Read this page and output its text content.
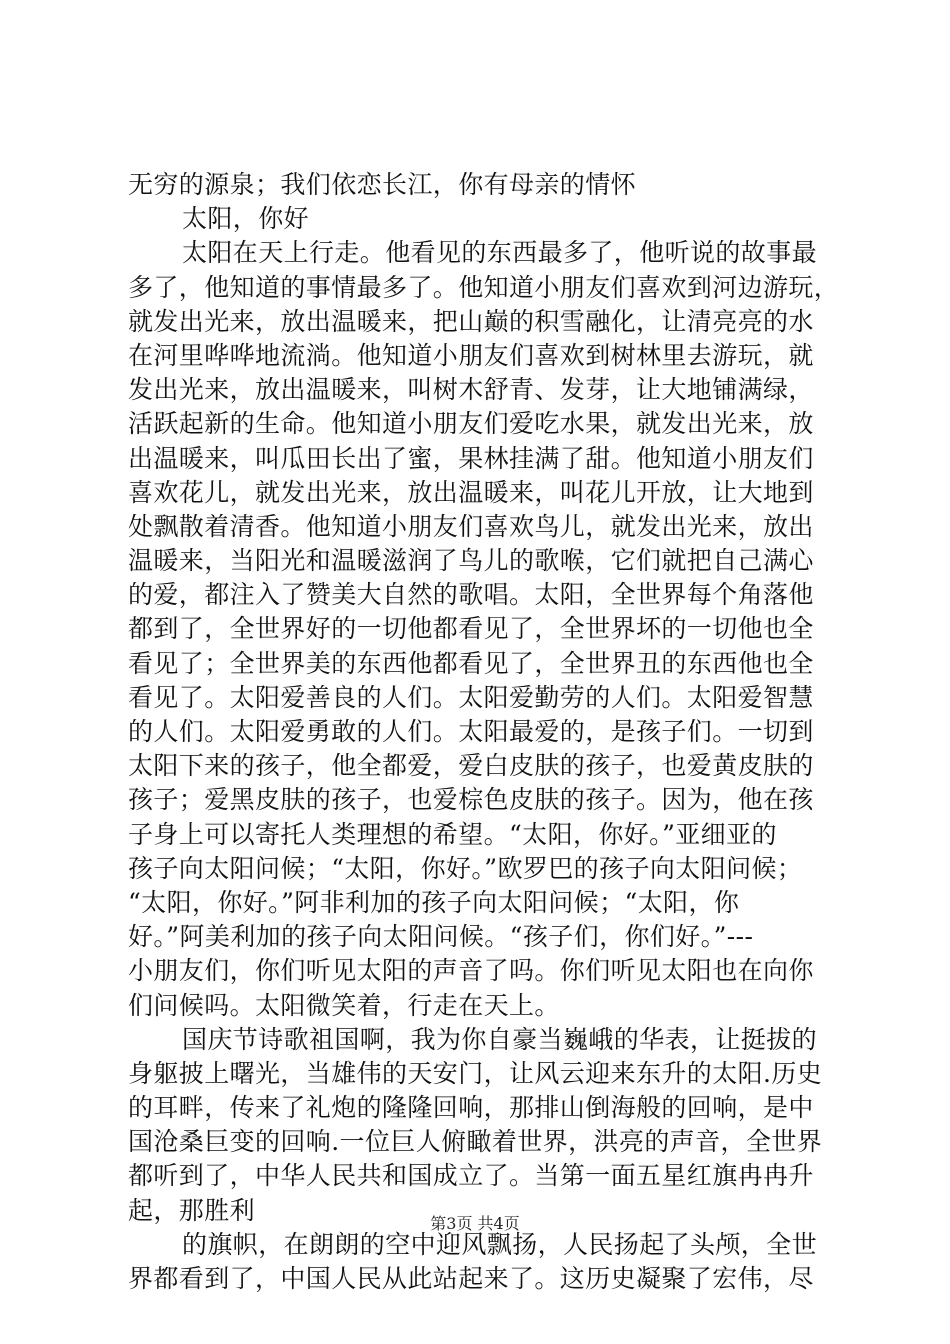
无穷的源泉；我们依恋长江，你有母亲的情怀
太阳，你好
太阳在天上行走。他看见的东西最多了，他听说的故事最
多了，他知道的事情最多了。他知道小朋友们喜欢到河边游玩，
就发出光来，放出温暖来，把山巅的积雪融化，让清亮亮的水
在河里哗哗地流淌。他知道小朋友们喜欢到树林里去游玩，就
发出光来，放出温暖来，叫树木舒青、发芽，让大地铺满绿，
活跃起新的生命。他知道小朋友们爱吃水果，就发出光来，放
出温暖来，叫瓜田长出了蜜，果林挂满了甜。他知道小朋友们
喜欢花儿，就发出光来，放出温暖来，叫花儿开放，让大地到
处飘散着清香。他知道小朋友们喜欢鸟儿，就发出光来，放出
温暖来，当阳光和温暖滋润了鸟儿的歌喉，它们就把自己满心
的爱，都注入了赞美大自然的歌唱。太阳，全世界每个角落他
都到了，全世界好的一切他都看见了，全世界坏的一切他也全
看见了；全世界美的东西他都看见了，全世界丑的东西他也全
看见了。太阳爱善良的人们。太阳爱勤劳的人们。太阳爱智慧
的人们。太阳爱勇敢的人们。太阳最爱的，是孩子们。一切到
太阳下来的孩子，他全都爱，爱白皮肤的孩子，也爱黄皮肤的
孩子；爱黑皮肤的孩子，也爱棕色皮肤的孩子。因为，他在孩
子身上可以寄托人类理想的希望。“太阳，你好。”亚细亚的
孩子向太阳问候；“太阳，你好。”欧罗巴的孩子向太阳问候；
“太阳，你好。”阿非利加的孩子向太阳问候；“太阳，你
好。”阿美利加的孩子向太阳问候。“孩子们，你们好。”---
小朋友们，你们听见太阳的声音了吗。你们听见太阳也在向你
们问候吗。太阳微笑着，行走在天上。
国庆节诗歌祖国啊，我为你自豪当巍峨的华表，让挺拔的
身躯披上曙光，当雄伟的天安门，让风云迎来东升的太阳.历史
的耳畔，传来了礼炮的隆隆回响，那排山倒海般的回响，是中
国沧桑巨变的回响.一位巨人俯瞰着世界，洪亮的声音，全世界
都听到了，中华人民共和国成立了。当第一面五星红旗冉冉升
起，那胜利
的旗帜，在朗朗的空中迎风飘扬，人民扬起了头颅，全世
界都看到了，中国人民从此站起来了。这历史凝聚了宏伟，尽
第3页 共4页
